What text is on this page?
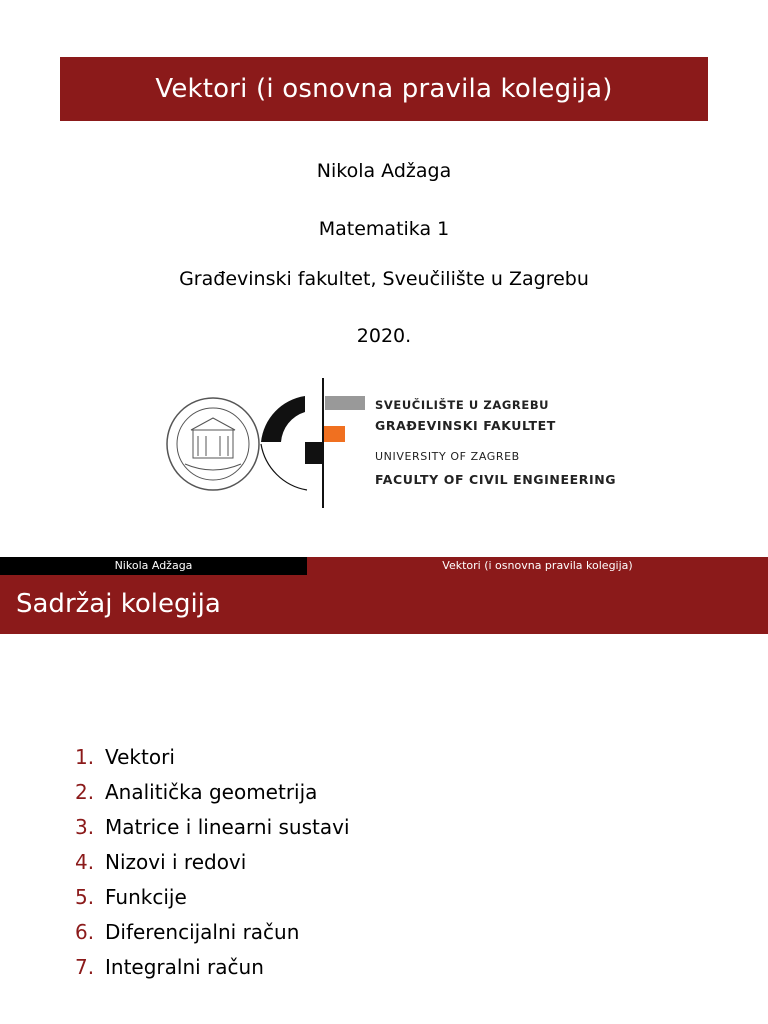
Vektori (i osnovna pravila kolegija)
Nikola Adžaga
Matematika 1
Građevinski fakultet, Sveučilište u Zagrebu
2020.
SVEUČILIŠTE U ZAGREBU
GRAĐEVINSKI FAKULTET
UNIVERSITY OF ZAGREB
FACULTY OF CIVIL ENGINEERING
Nikola Adžaga	Vektori (i osnovna pravila kolegija)
Sadržaj kolegija
1. Vektori
2. Analitička geometrija
3. Matrice i linearni sustavi
4. Nizovi i redovi
5. Funkcije
6. Diferencijalni račun
7. Integralni račun
